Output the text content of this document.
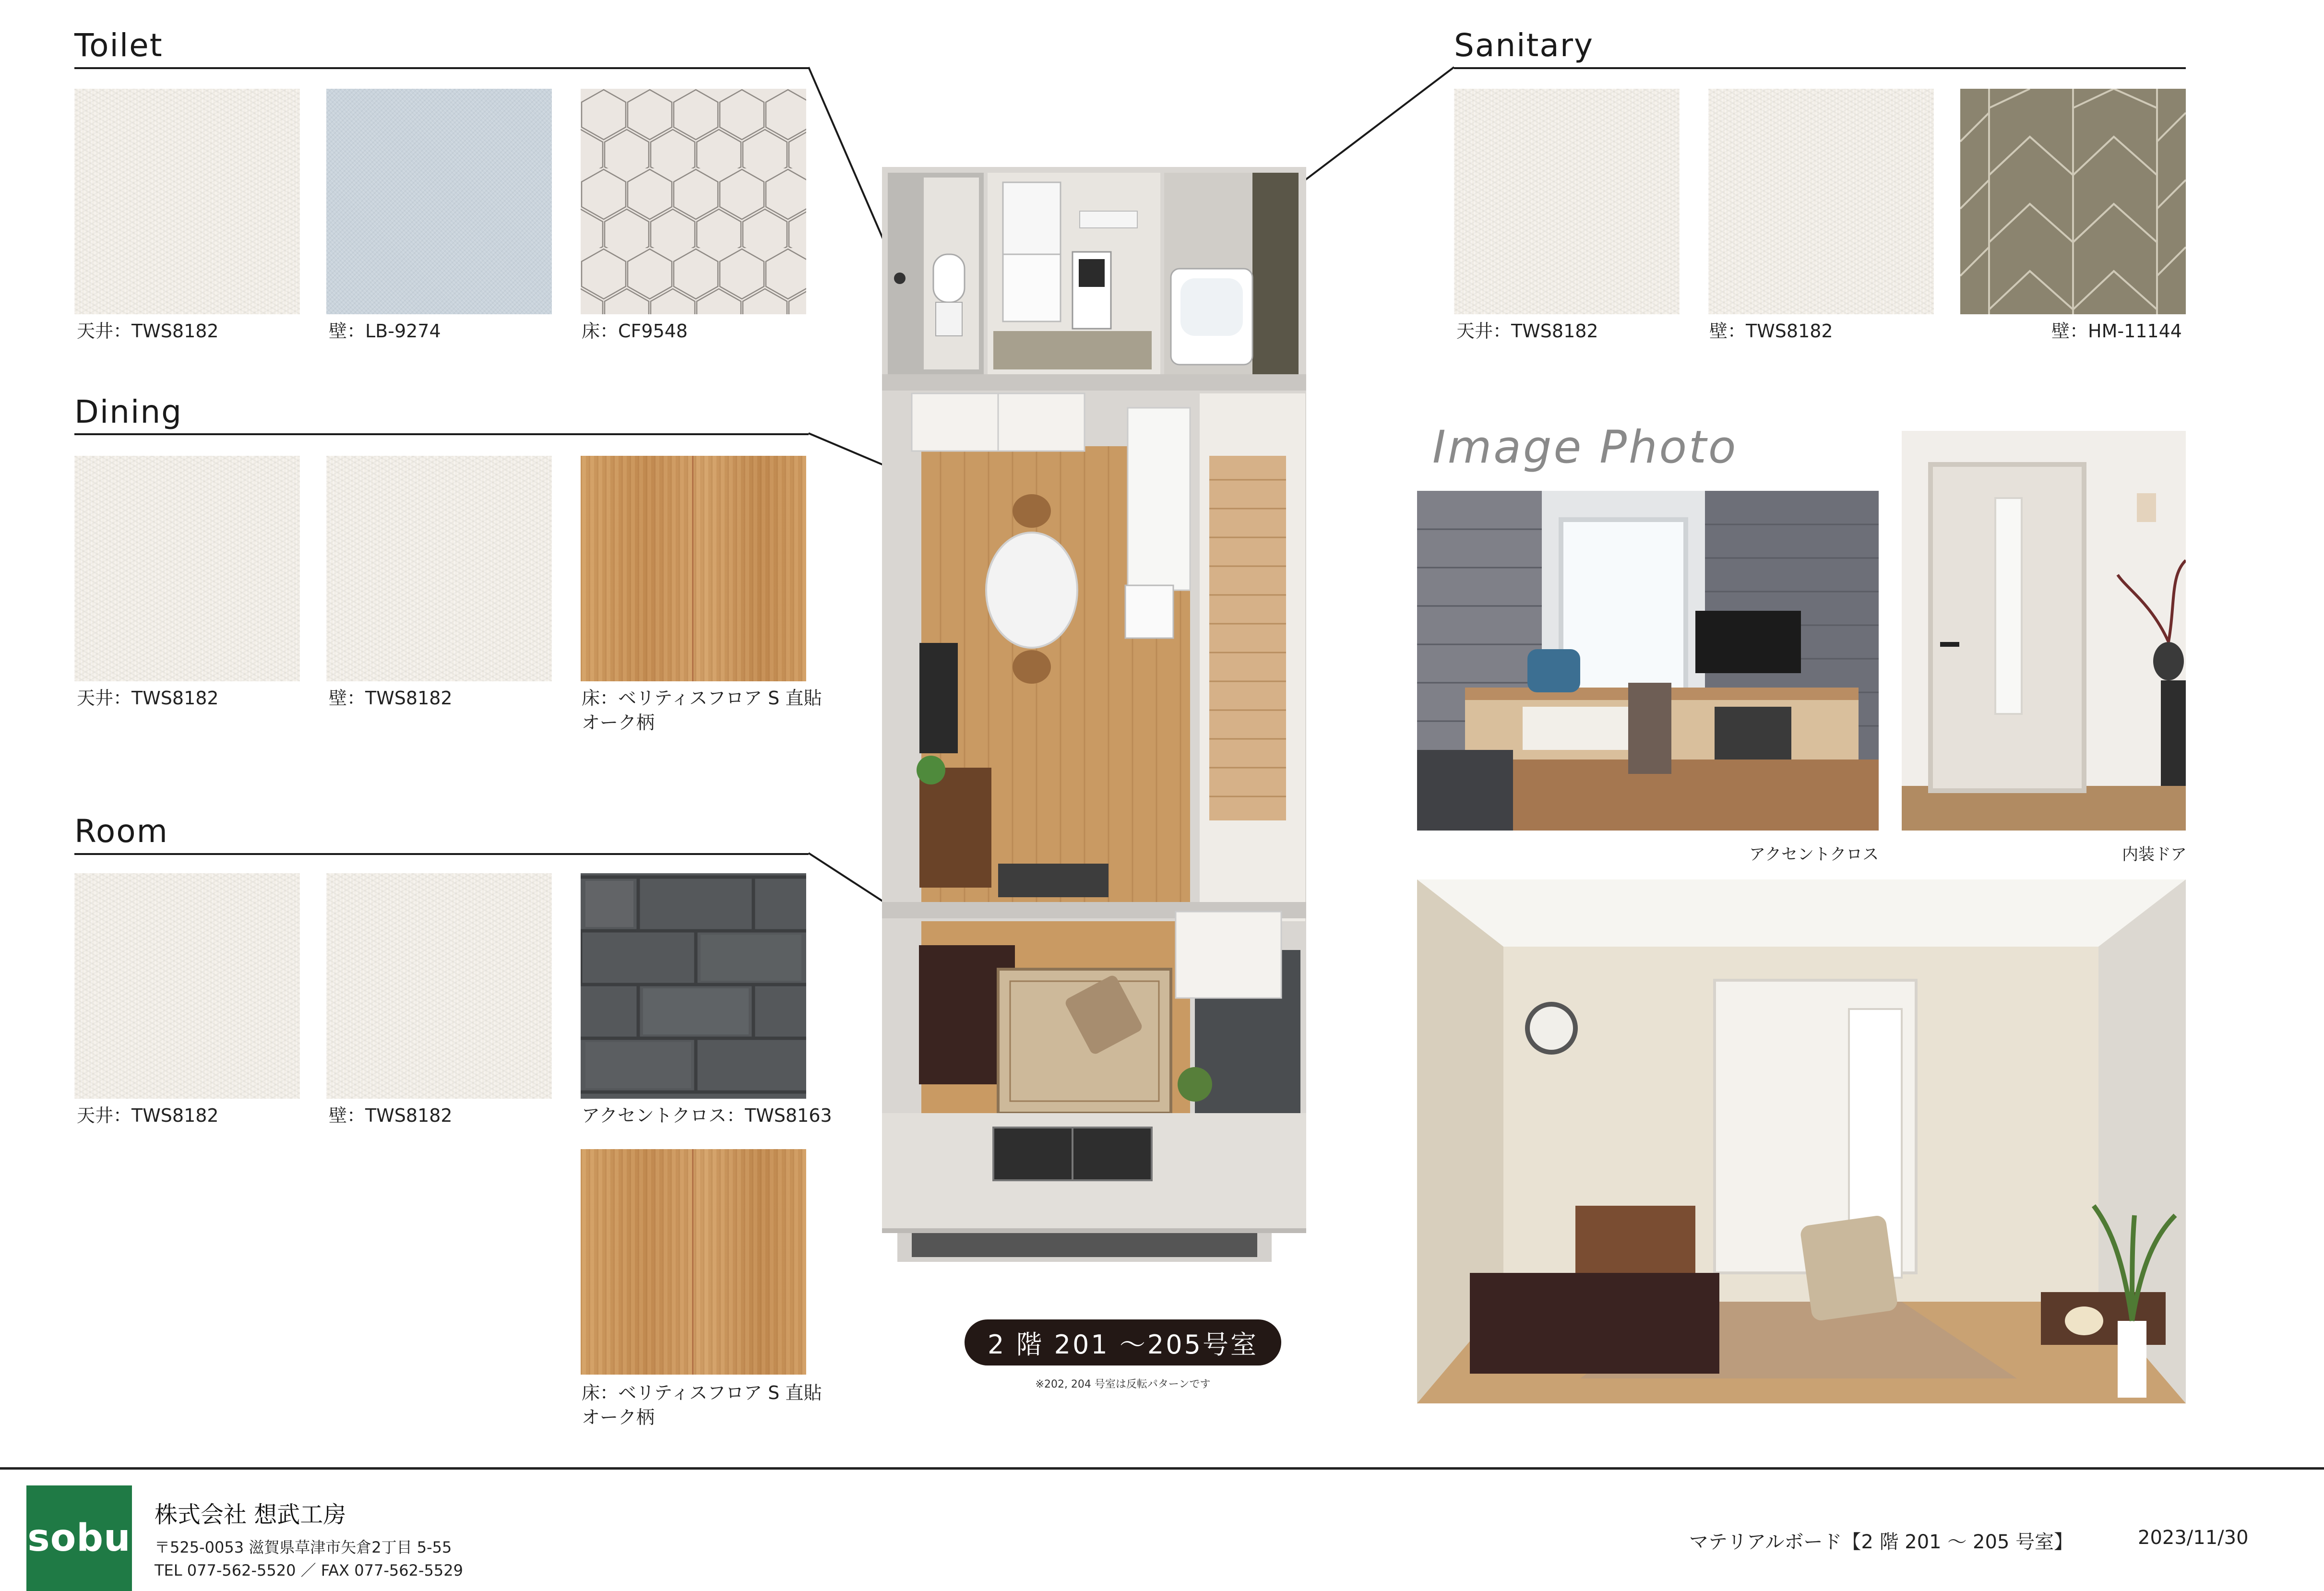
Toilet
Dining
Room
Sanitary
天井：TWS8182	壁：LB-9274	床：CF9548
天井：TWS8182	壁：TWS8182	床：ベリティスフロア S 直貼
オーク柄
天井：TWS8182	壁：TWS8182	アクセントクロス：TWS8163
床：ベリティスフロア S 直貼
オーク柄
天井：TWS8182	壁：TWS8182	壁：HM-11144
2 階 201 ～205号室
※202, 204 号室は反転パターンです
Image Photo
アクセントクロス	内装ドア
sobu
株式会社 想武工房
〒525-0053 滋賀県草津市矢倉2丁目 5-55
TEL 077-562-5520 ／ FAX 077-562-5529
マテリアルボード【2 階 201 ～ 205 号室】	2023/11/30
